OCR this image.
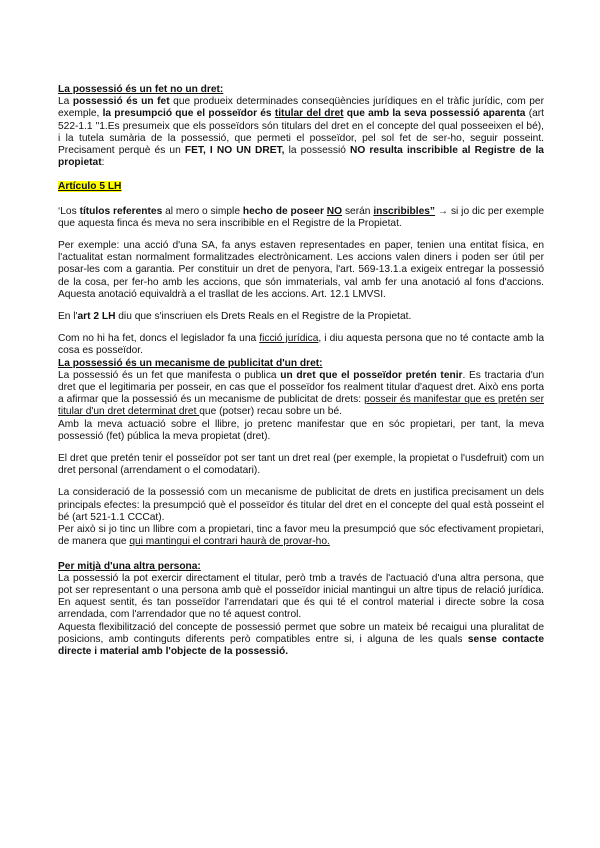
La possessió és un fet no un dret:

La possessió és un fet que produeix determinades conseqüències jurídiques en el tràfic jurídic, com per exemple, la presumpció que el posseïdor és titular del dret que amb la seva possessió aparenta (art 522-1.1 "1.Es presumeix que els posseïdors són titulars del dret en el concepte del qual posseeixen el bé), i la tutela sumària de la possessió, que permeti el posseïdor, pel sol fet de ser-ho, seguir posseint. Precisament perquè és un FET, I NO UN DRET, la possessió NO resulta inscribible al Registre de la propietat:

Artículo 5 LH

‘Los títulos referentes al mero o simple hecho de poseer NO serán inscribibles” → si jo dic per exemple que aquesta finca és meva no sera inscribible en el Registre de la Propietat.

Per exemple: una acció d'una SA, fa anys estaven representades en paper, tenien una entitat física, en l'actualitat estan normalment formalitzades electrònicament. Les accions valen diners i poden ser útil per posar-les com a garantia. Per constituir un dret de penyora, l'art. 569-13.1.a exigeix entregar la possessió de la cosa, per fer-ho amb les accions, que són immaterials, val amb fer una anotació al fons d'accions. Aquesta anotació equivaldrà a el trasllat de les accions. Art. 12.1 LMVSI.

En l'art 2 LH diu que s'inscriuen els Drets Reals en el Registre de la Propietat.

Com no hi ha fet, doncs el legislador fa una ficció jurídica, i diu aquesta persona que no té contacte amb la cosa es posseïdor.

La possessió és un mecanisme de publicitat d'un dret:

La possessió és un fet que manifesta o publica un dret que el posseïdor pretén tenir. Es tractaria d'un dret que el legitimaria per posseir, en cas que el posseïdor fos realment titular d'aquest dret. Això ens porta a afirmar que la possessió és un mecanisme de publicitat de drets: posseir és manifestar que es pretén ser titular d'un dret determinat dret que (potser) recau sobre un bé.

Amb la meva actuació sobre el llibre, jo pretenc manifestar que en sóc propietari, per tant, la meva possessió (fet) pública la meva propietat (dret).

El dret que pretén tenir el posseïdor pot ser tant un dret real (per exemple, la propietat o l'usdefruit) com un dret personal (arrendament o el comodatari).

La consideració de la possessió com un mecanisme de publicitat de drets en justifica precisament un dels principals efectes: la presumpció què el posseïdor és titular del dret en el concepte del qual està posseint el bé (art 521-1.1 CCCat).

Per això si jo tinc un llibre com a propietari, tinc a favor meu la presumpció que sóc efectivament propietari, de manera que qui mantingui el contrari haurà de provar-ho.

Per mitjà d'una altra persona:

La possessió la pot exercir directament el titular, però tmb a través de l'actuació d'una altra persona, que pot ser representant o una persona amb què el posseïdor inicial mantingui un altre tipus de relació jurídica. En aquest sentit, és tan posseïdor l'arrendatari que és qui té el control material i directe sobre la cosa arrendada, com l'arrendador que no té aquest control.

Aquesta flexibilització del concepte de possessió permet que sobre un mateix bé recaigui una pluralitat de posicions, amb continguts diferents però compatibles entre si, i alguna de les quals sense contacte directe i material amb l'objecte de la possessió.
